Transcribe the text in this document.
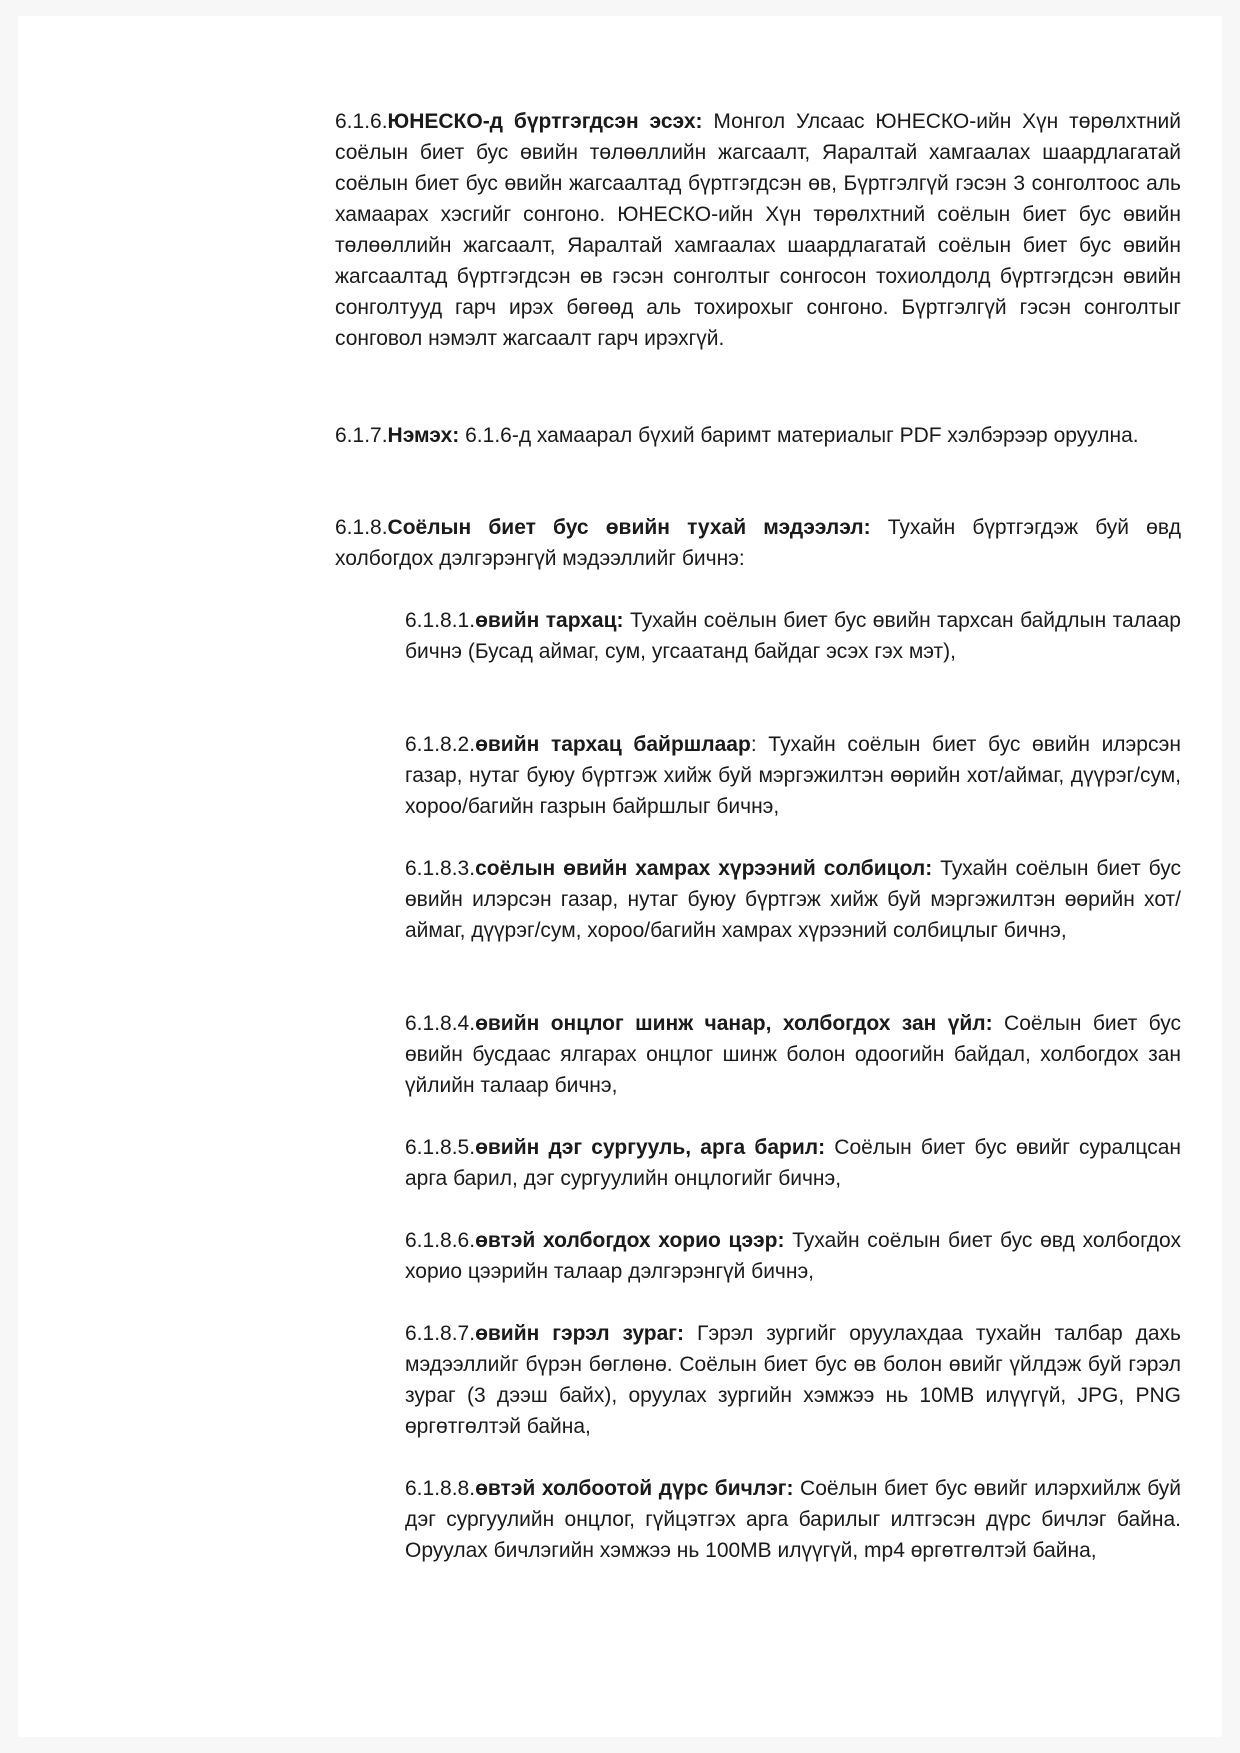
6.1.6.ЮНЕСКО-д бүртгэгдсэн эсэх: Монгол Улсаас ЮНЕСКО-ийн Хүн төрөлхтний соёлын биет бус өвийн төлөөллийн жагсаалт, Яаралтай хамгаалах шаардлагатай соёлын биет бус өвийн жагсаалтад бүртгэгдсэн өв, Бүртгэлгүй гэсэн 3 сонголтоос аль хамаарах хэсгийг сонгоно. ЮНЕСКО-ийн Хүн төрөлхтний соёлын биет бус өвийн төлөөллийн жагсаалт, Яаралтай хамгаалах шаардлагатай соёлын биет бус өвийн жагсаалтад бүртгэгдсэн өв гэсэн сонголтыг сонгосон тохиолдолд бүртгэгдсэн өвийн сонголтууд гарч ирэх бөгөөд аль тохирохыг сонгоно. Бүртгэлгүй гэсэн сонголтыг сонговол нэмэлт жагсаалт гарч ирэхгүй.

6.1.7.Нэмэх: 6.1.6-д хамаарал бүхий баримт материалыг PDF хэлбэрээр оруулна.

6.1.8.Соёлын биет бус өвийн тухай мэдээлэл: Тухайн бүртгэгдэж буй өвд холбогдох дэлгэрэнгүй мэдээллийг бичнэ:

6.1.8.1.өвийн тархац: Тухайн соёлын биет бус өвийн тархсан байдлын талаар бичнэ (Бусад аймаг, сум, угсаатанд байдаг эсэх гэх мэт),

6.1.8.2.өвийн тархац байршлаар: Тухайн соёлын биет бус өвийн илэрсэн газар, нутаг буюу бүртгэж хийж буй мэргэжилтэн өөрийн хот/аймаг, дүүрэг/сум, хороо/багийн газрын байршлыг бичнэ,

6.1.8.3.соёлын өвийн хамрах хүрээний солбицол: Тухайн соёлын биет бус өвийн илэрсэн газар, нутаг буюу бүртгэж хийж буй мэргэжилтэн өөрийн хот/аймаг, дүүрэг/сум, хороо/багийн хамрах хүрээний солбицлыг бичнэ,

6.1.8.4.өвийн онцлог шинж чанар, холбогдох зан үйл: Соёлын биет бус өвийн бусдаас ялгарах онцлог шинж болон одоогийн байдал, холбогдох зан үйлийн талаар бичнэ,

6.1.8.5.өвийн дэг сургууль, арга барил: Соёлын биет бус өвийг суралцсан арга барил, дэг сургуулийн онцлогийг бичнэ,

6.1.8.6.өвтэй холбогдох хорио цээр: Тухайн соёлын биет бус өвд холбогдох хорио цээрийн талаар дэлгэрэнгүй бичнэ,

6.1.8.7.өвийн гэрэл зураг: Гэрэл зургийг оруулахдаа тухайн талбар дахь мэдээллийг бүрэн бөглөнө. Соёлын биет бус өв болон өвийг үйлдэж буй гэрэл зураг (3 дээш байх), оруулах зургийн хэмжээ нь 10MB илүүгүй, JPG, PNG өргөтгөлтэй байна,

6.1.8.8.өвтэй холбоотой дүрс бичлэг: Соёлын биет бус өвийг илэрхийлж буй дэг сургуулийн онцлог, гүйцэтгэх арга барилыг илтгэсэн дүрс бичлэг байна. Оруулах бичлэгийн хэмжээ нь 100MB илүүгүй, mp4 өргөтгөлтэй байна,
